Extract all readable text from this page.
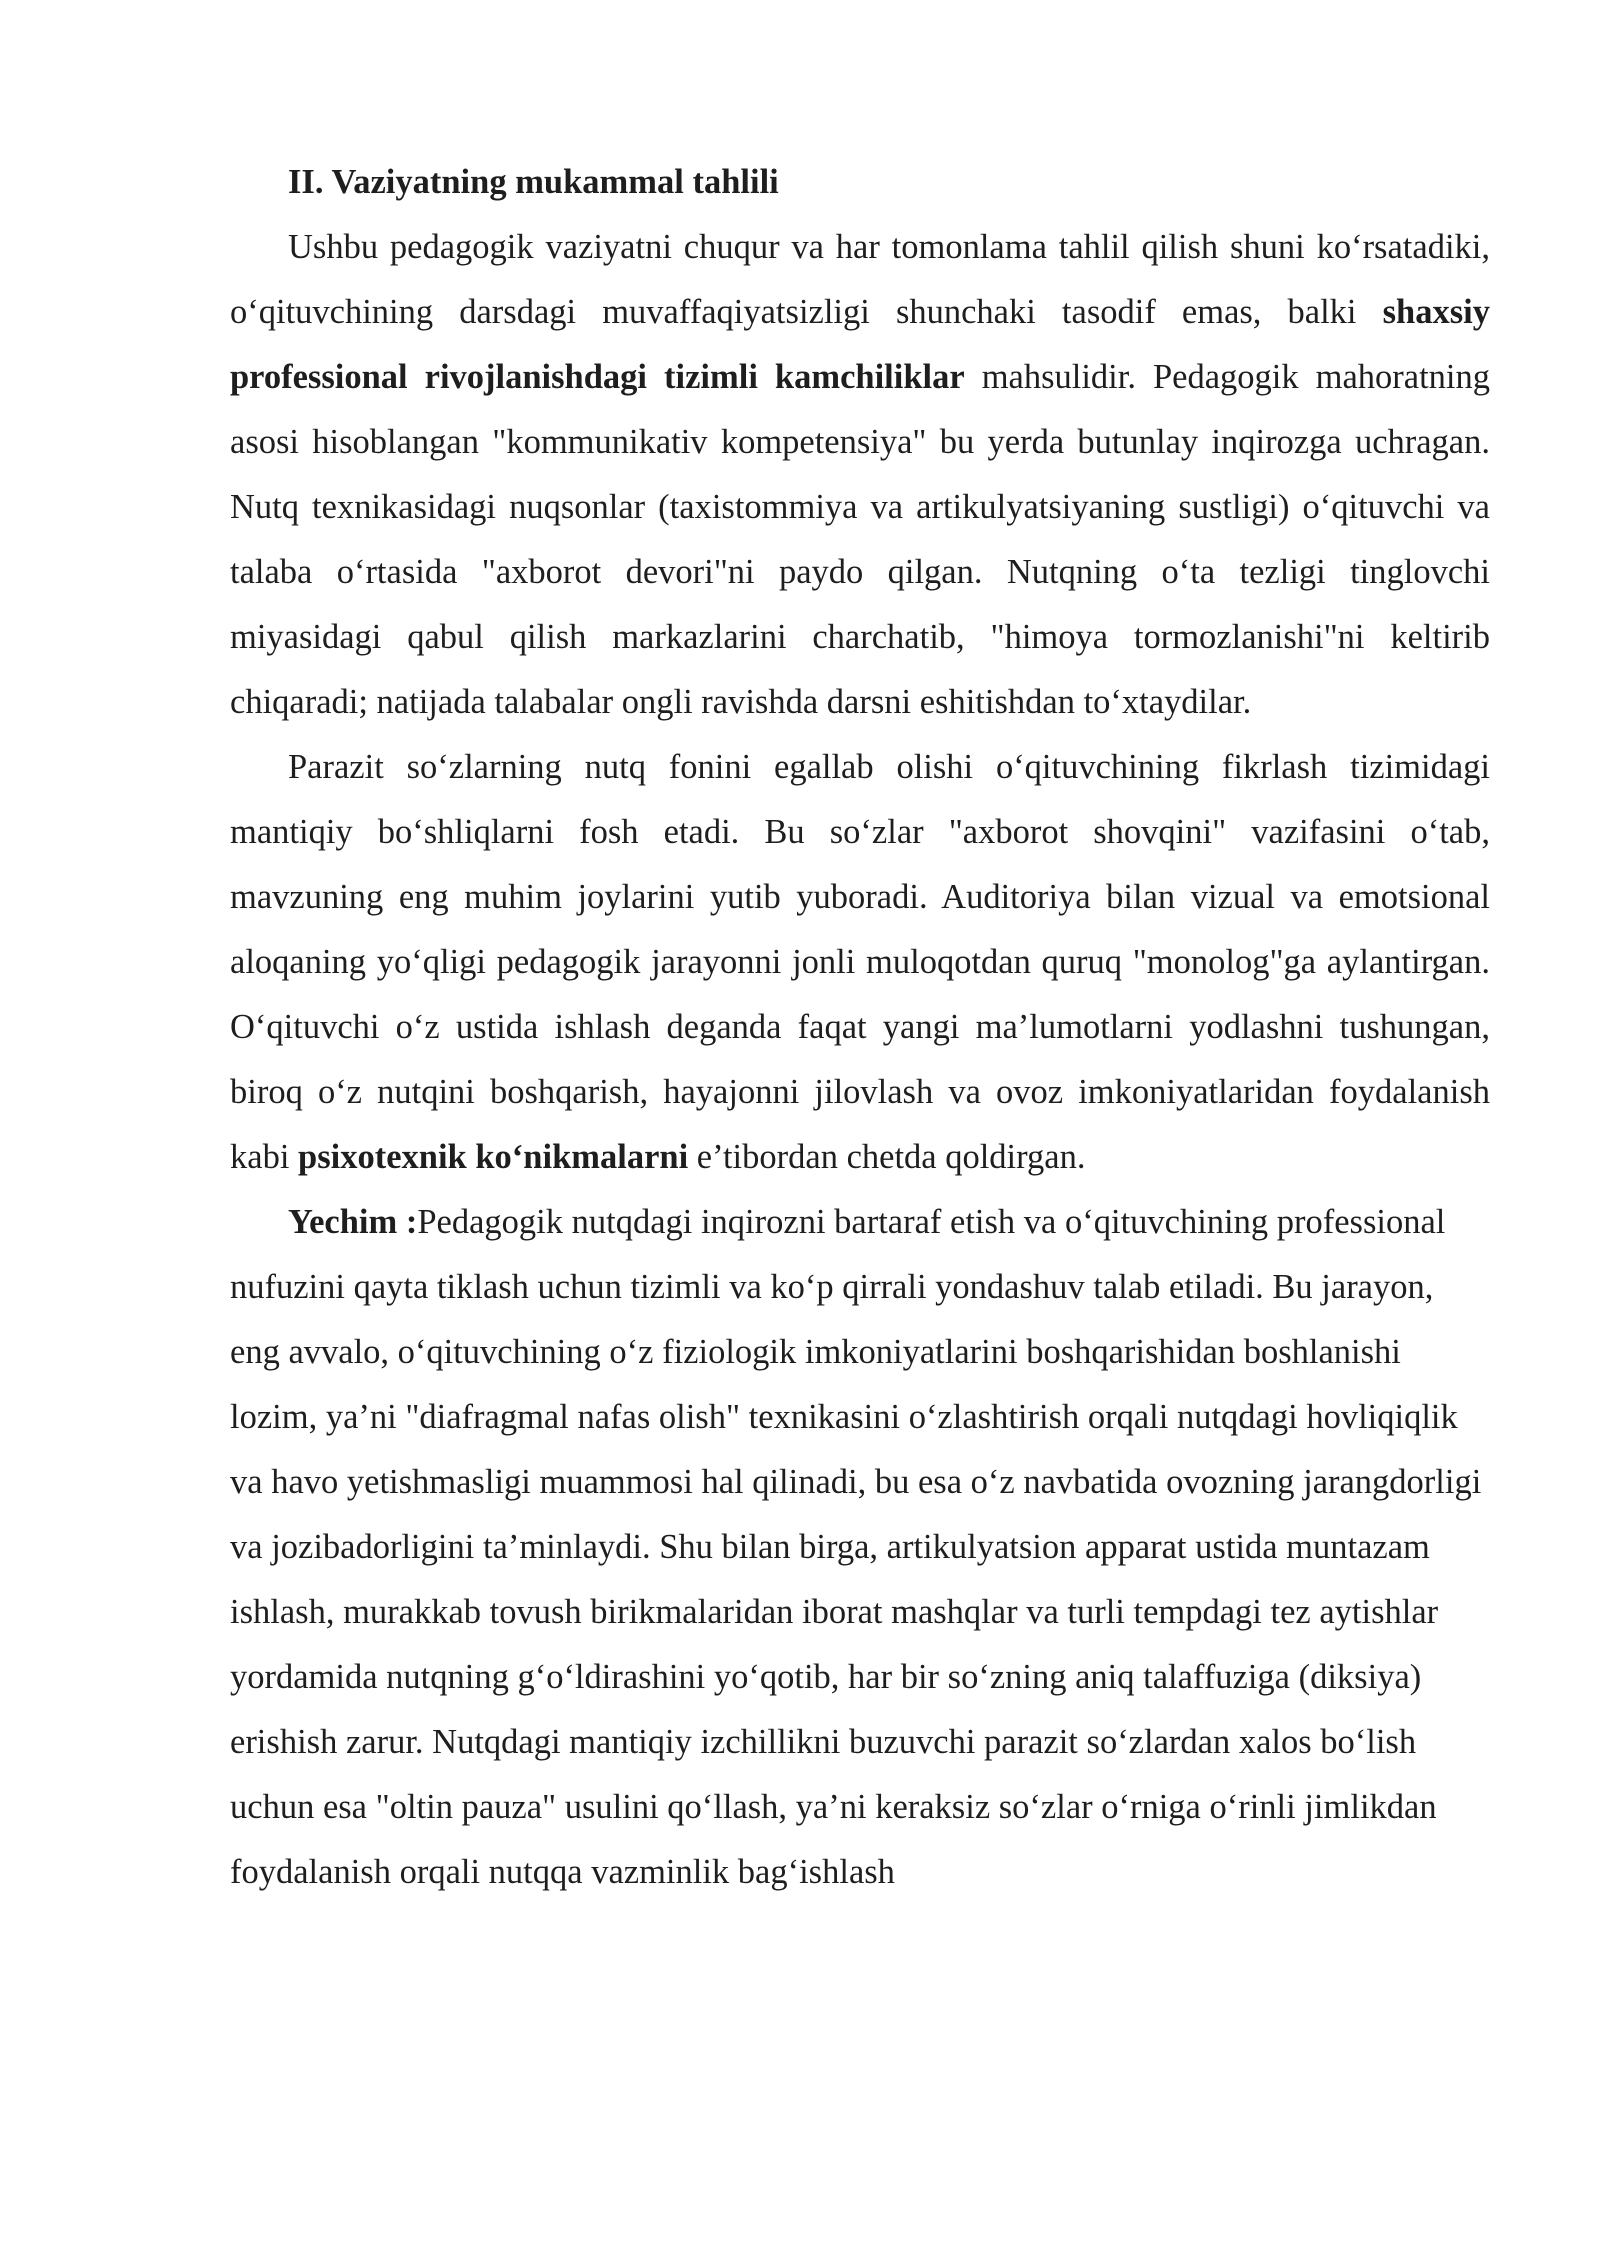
II. Vaziyatning mukammal tahlili

Ushbu pedagogik vaziyatni chuqur va har tomonlama tahlil qilish shuni ko‘rsatadiki, o‘qituvchining darsdagi muvaffaqiyatsizligi shunchaki tasodif emas, balki shaxsiy professional rivojlanishdagi tizimli kamchiliklar mahsulidir. Pedagogik mahoratning asosi hisoblangan "kommunikativ kompetensiya" bu yerda butunlay inqirozga uchragan. Nutq texnikasidagi nuqsonlar (taxistommiya va artikulyatsiyaning sustligi) o‘qituvchi va talaba o‘rtasida "axborot devori"ni paydo qilgan. Nutqning o‘ta tezligi tinglovchi miyasidagi qabul qilish markazlarini charchatib, "himoya tormozlanishi"ni keltirib chiqaradi; natijada talabalar ongli ravishda darsni eshitishdan to‘xtaydilar.

Parazit so‘zlarning nutq fonini egallab olishi o‘qituvchining fikrlash tizimidagi mantiqiy bo‘shliqlarni fosh etadi. Bu so‘zlar "axborot shovqini" vazifasini o‘tab, mavzuning eng muhim joylarini yutib yuboradi. Auditoriya bilan vizual va emotsional aloqaning yo‘qligi pedagogik jarayonni jonli muloqotdan quruq "monolog"ga aylantirgan. O‘qituvchi o‘z ustida ishlash deganda faqat yangi ma’lumotlarni yodlashni tushungan, biroq o‘z nutqini boshqarish, hayajonni jilovlash va ovoz imkoniyatlaridan foydalanish kabi psixotexnik ko‘nikmalarni e’tibordan chetda qoldirgan.

Yechim :Pedagogik nutqdagi inqirozni bartaraf etish va o‘qituvchining professional nufuzini qayta tiklash uchun tizimli va ko‘p qirrali yondashuv talab etiladi. Bu jarayon, eng avvalo, o‘qituvchining o‘z fiziologik imkoniyatlarini boshqarishidan boshlanishi lozim, ya’ni "diafragmal nafas olish" texnikasini o‘zlashtirish orqali nutqdagi hovliqiqlik va havo yetishmasligi muammosi hal qilinadi, bu esa o‘z navbatida ovozning jarangdorligi va jozibadorligini ta’minlaydi. Shu bilan birga, artikulyatsion apparat ustida muntazam ishlash, murakkab tovush birikmalaridan iborat mashqlar va turli tempdagi tez aytishlar yordamida nutqning g‘o‘ldirashini yo‘qotib, har bir so‘zning aniq talaffuziga (diksiya) erishish zarur. Nutqdagi mantiqiy izchillikni buzuvchi parazit so‘zlardan xalos bo‘lish uchun esa "oltin pauza" usulini qo‘llash, ya’ni keraksiz so‘zlar o‘rniga o‘rinli jimlikdan foydalanish orqali nutqqa vazminlik bag‘ishlash
